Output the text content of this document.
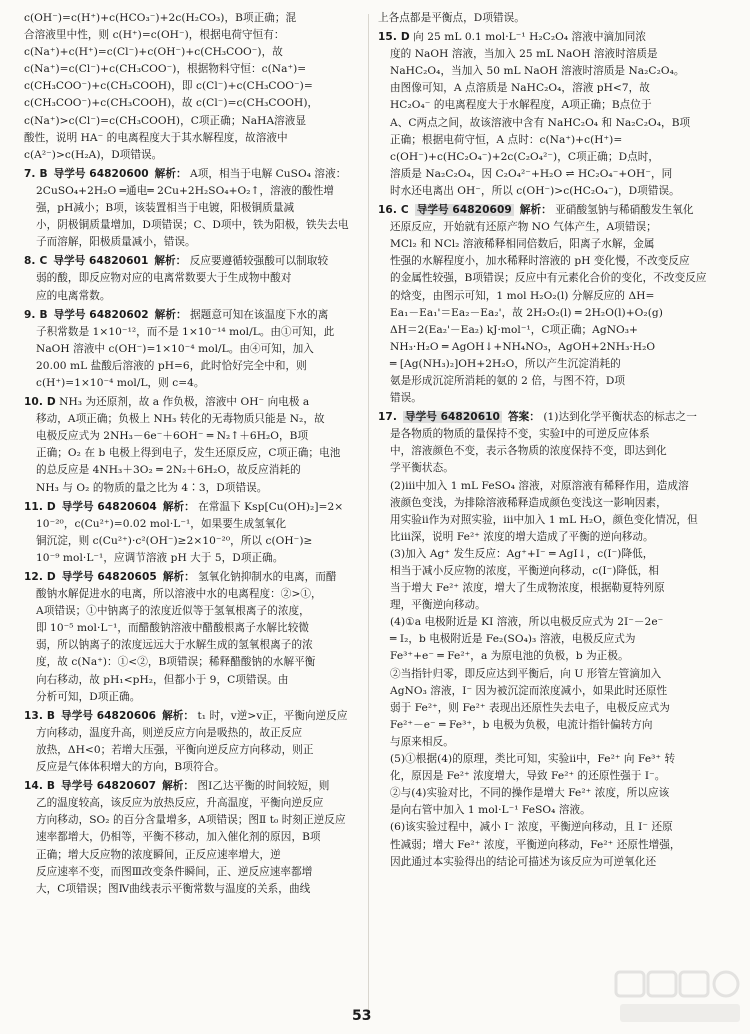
c(OH⁻)=c(H⁺)+c(HCO₃⁻)+2c(H₂CO₃)，B项正确；混
合溶液里中性，则 c(H⁺)=c(OH⁻)，根据电荷守恒有：
c(Na⁺)+c(H⁺)=c(Cl⁻)+c(OH⁻)+c(CH₃COO⁻)，故
c(Na⁺)=c(Cl⁻)+c(CH₃COO⁻)，根据物料守恒：c(Na⁺)=
c(CH₃COO⁻)+c(CH₃COOH)，即 c(Cl⁻)+c(CH₃COO⁻)=
c(CH₃COO⁻)+c(CH₃COOH)，故 c(Cl⁻)=c(CH₃COOH)，
c(Na⁺)>c(Cl⁻)=c(CH₃COOH)，C项正确；NaHA溶液显
酸性，说明 HA⁻ 的电离程度大于其水解程度，故溶液中
c(A²⁻)>c(H₂A)，D项错误。
7. B 导学号 64820600 解析： A项，相当于电解 CuSO₄ 溶液：
2CuSO₄+2H₂O ═通电═ 2Cu+2H₂SO₄+O₂↑，溶液的酸性增
强，pH减小；B项，该装置相当于电镀，阳极铜质量减
小，阴极铜质量增加，D项错误；C、D项中，铁为阳极，铁失去电
子而溶解，阳极质量减小，错误。
8. C 导学号 64820601 解析： 反应要遵循较强酸可以制取较
弱的酸，即反应物对应的电离常数要大于生成物中酸对
应的电离常数。
9. B 导学号 64820602 解析： 据题意可知在该温度下水的离
子积常数是 1×10⁻¹²，而不是 1×10⁻¹⁴ mol/L。由①可知，此
NaOH 溶液中 c(OH⁻)=1×10⁻⁴ mol/L。由④可知，加入
20.00 mL 盐酸后溶液的 pH=6，此时恰好完全中和，则
c(H⁺)=1×10⁻⁴ mol/L，则 c=4。
10. D NH₃ 为还原剂，故 a 作负极，溶液中 OH⁻ 向电极 a
移动，A项正确；负极上 NH₃ 转化的无毒物质只能是 N₂，故
电极反应式为 2NH₃－6e⁻＋6OH⁻ ═ N₂↑＋6H₂O，B项
正确；O₂ 在 b 电极上得到电子，发生还原反应，C项正确；电池
的总反应是 4NH₃＋3O₂ ═ 2N₂＋6H₂O，故反应消耗的
NH₃ 与 O₂ 的物质的量之比为 4∶3，D项错误。
11. D 导学号 64820604 解析： 在常温下 Ksp[Cu(OH)₂]=2×
10⁻²⁰，c(Cu²⁺)=0.02 mol·L⁻¹，如果要生成氢氧化
铜沉淀，则 c(Cu²⁺)·c²(OH⁻)≥2×10⁻²⁰，所以 c(OH⁻)≥
10⁻⁹ mol·L⁻¹，应调节溶液 pH 大于 5，D项正确。
12. D 导学号 64820605 解析： 氢氧化钠抑制水的电离，而醋
酸钠水解促进水的电离，所以溶液中水的电离程度：②>①，
A项错误；①中钠离子的浓度近似等于氢氧根离子的浓度，
即 10⁻⁵ mol·L⁻¹，而醋酸钠溶液中醋酸根离子水解比较微
弱，所以钠离子的浓度远远大于水解生成的氢氧根离子的浓
度，故 c(Na⁺)：①<②，B项错误；稀释醋酸钠的水解平衡
向右移动，故 pH₁<pH₂，但都小于 9，C项错误。由
分析可知，D项正确。
13. B 导学号 64820606 解析： t₁ 时，v逆>v正，平衡向逆反应
方向移动，温度升高，则逆反应方向是吸热的，故正反应
放热，ΔH<0；若增大压强，平衡向逆反应方向移动，则正
反应是气体体积增大的方向，B项符合。
14. B 导学号 64820607 解析： 图Ⅰ乙达平衡的时间较短，则
乙的温度较高，该反应为放热反应，升高温度，平衡向逆反应
方向移动，SO₂ 的百分含量增多，A项错误；图Ⅱ t₀ 时刻正逆反应
速率都增大，仍相等，平衡不移动，加入催化剂的原因，B项
正确；增大反应物的浓度瞬间，正反应速率增大，逆
反应速率不变，而图Ⅲ改变条件瞬间，正、逆反应速率都增
大，C项错误；图Ⅳ曲线表示平衡常数与温度的关系，曲线
上各点都是平衡点，D项错误。
15. D 向 25 mL 0.1 mol·L⁻¹ H₂C₂O₄ 溶液中滴加同浓
度的 NaOH 溶液，当加入 25 mL NaOH 溶液时溶质是
NaHC₂O₄，当加入 50 mL NaOH 溶液时溶质是 Na₂C₂O₄。
由图像可知，A 点溶质是 NaHC₂O₄，溶液 pH<7，故
HC₂O₄⁻ 的电离程度大于水解程度，A项正确；B点位于
A、C两点之间，故该溶液中含有 NaHC₂O₄ 和 Na₂C₂O₄，B项
正确；根据电荷守恒，A 点时：c(Na⁺)+c(H⁺)=
c(OH⁻)+c(HC₂O₄⁻)+2c(C₂O₄²⁻)，C项正确；D点时，
溶质是 Na₂C₂O₄，因 C₂O₄²⁻+H₂O ⇌ HC₂O₄⁻+OH⁻，同
时水还电离出 OH⁻，所以 c(OH⁻)>c(HC₂O₄⁻)，D项错误。
16. C 导学号 64820609 解析： 亚硝酸氢钠与稀硝酸发生氧化
还原反应，开始就有还原产物 NO 气体产生，A项错误；
MCl₂ 和 NCl₂ 溶液稀释相同倍数后，阳离子水解，金属
性强的水解程度小，加水稀释时溶液的 pH 变化慢，不改变反应
的金属性较强，B项错误；反应中有元素化合价的变化，不改变反应
的焓变，由图示可知，1 mol H₂O₂(l) 分解反应的 ΔH=
Ea₁－Ea₁'＝Ea₂－Ea₂'，故 2H₂O₂(l) ═ 2H₂O(l)+O₂(g)
ΔH＝2(Ea₂'－Ea₂) kJ·mol⁻¹，C项正确；AgNO₃+
NH₃·H₂O ═ AgOH↓+NH₄NO₃，AgOH+2NH₃·H₂O
═ [Ag(NH₃)₂]OH+2H₂O，所以产生沉淀消耗的
氨是形成沉淀所消耗的氨的 2 倍，与图不符，D项
错误。
17. 导学号 64820610 答案： (1)达到化学平衡状态的标志之一
是各物质的物质的量保持不变，实验Ⅰ中的可逆反应体系
中，溶液颜色不变，表示各物质的浓度保持不变，即达到化
学平衡状态。
(2)ⅲ中加入 1 mL FeSO₄ 溶液，对原溶液有稀释作用，造成溶
液颜色变浅，为排除溶液稀释造成颜色变浅这一影响因素，
用实验ⅱ作为对照实验，ⅲ中加入 1 mL H₂O，颜色变化情况，但
比ⅲ深，说明 Fe²⁺ 浓度的增大造成了平衡的逆向移动。
(3)加入 Ag⁺ 发生反应：Ag⁺+I⁻ ═ AgI↓，c(I⁻)降低，
相当于减小反应物的浓度，平衡逆向移动，c(I⁻)降低，相
当于增大 Fe²⁺ 浓度，增大了生成物浓度，根据勒夏特列原
理，平衡逆向移动。
(4)①a 电极附近是 KI 溶液，所以电极反应式为 2I⁻－2e⁻
═ I₂，b 电极附近是 Fe₂(SO₄)₃ 溶液，电极反应式为
Fe³⁺+e⁻ ═ Fe²⁺，a 为原电池的负极，b 为正极。
②当指针归零，即反应达到平衡后，向 U 形管左管滴加入
AgNO₃ 溶液，I⁻ 因为被沉淀而浓度减小，如果此时还原性
弱于 Fe²⁺，则 Fe²⁺ 表现出还原性失去电子，电极反应式为
Fe²⁺－e⁻ ═ Fe³⁺，b 电极为负极，电流计指针偏转方向
与原来相反。
(5)①根据(4)的原理，类比可知，实验ⅱ中，Fe²⁺ 向 Fe³⁺ 转
化，原因是 Fe²⁺ 浓度增大，导致 Fe²⁺ 的还原性强于 I⁻。
②与(4)实验对比，不同的操作是增大 Fe²⁺ 浓度，所以应该
是向右管中加入 1 mol·L⁻¹ FeSO₄ 溶液。
(6)该实验过程中，减小 I⁻ 浓度，平衡逆向移动，且 I⁻ 还原
性减弱；增大 Fe²⁺ 浓度，平衡逆向移动，Fe²⁺ 还原性增强，
因此通过本实验得出的结论可描述为该反应为可逆氧化还
53
